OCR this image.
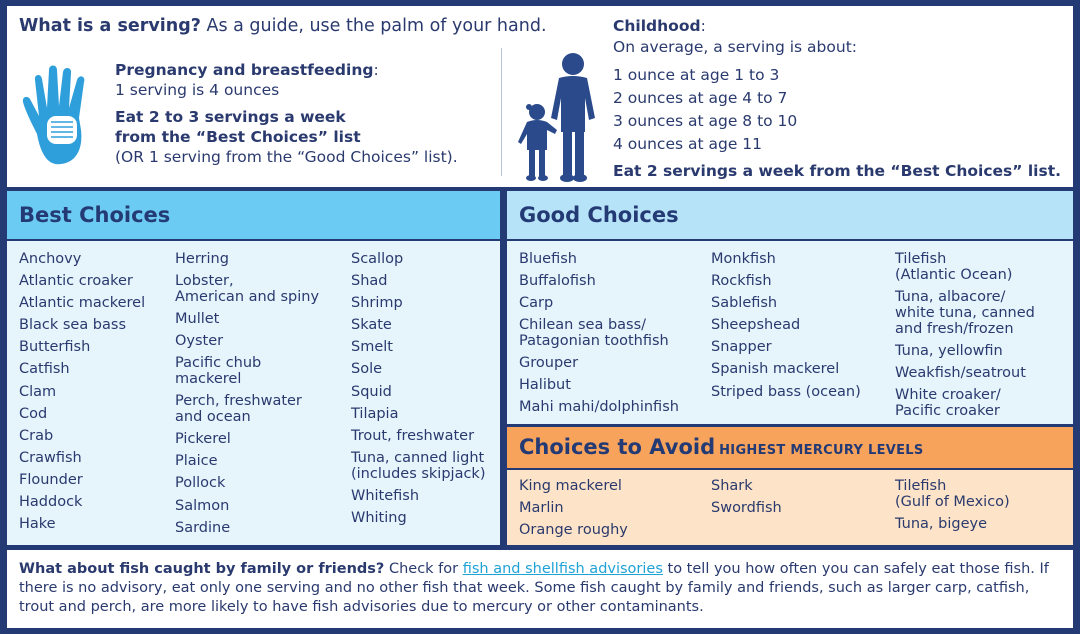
What is a serving? As a guide, use the palm of your hand.
Pregnancy and breastfeeding:
1 serving is 4 ounces
Eat 2 to 3 servings a week
from the “Best Choices” list
(OR 1 serving from the “Good Choices” list).
Childhood:
On average, a serving is about:
1 ounce at age 1 to 3
2 ounces at age 4 to 7
3 ounces at age 8 to 10
4 ounces at age 11
Eat 2 servings a week from the “Best Choices” list.
Best Choices
Anchovy
Atlantic croaker
Atlantic mackerel
Black sea bass
Butterfish
Catfish
Clam
Cod
Crab
Crawfish
Flounder
Haddock
Hake
Herring
Lobster,
American and spiny
Mullet
Oyster
Pacific chub
mackerel
Perch, freshwater
and ocean
Pickerel
Plaice
Pollock
Salmon
Sardine
Scallop
Shad
Shrimp
Skate
Smelt
Sole
Squid
Tilapia
Trout, freshwater
Tuna, canned light
(includes skipjack)
Whitefish
Whiting
Good Choices
Bluefish
Buffalofish
Carp
Chilean sea bass/
Patagonian toothfish
Grouper
Halibut
Mahi mahi/dolphinfish
Monkfish
Rockfish
Sablefish
Sheepshead
Snapper
Spanish mackerel
Striped bass (ocean)
Tilefish
(Atlantic Ocean)
Tuna, albacore/
white tuna, canned
and fresh/frozen
Tuna, yellowfin
Weakfish/seatrout
White croaker/
Pacific croaker
Choices to Avoid HIGHEST MERCURY LEVELS
King mackerel
Marlin
Orange roughy
Shark
Swordfish
Tilefish
(Gulf of Mexico)
Tuna, bigeye
What about fish caught by family or friends? Check for fish and shellfish advisories to tell you how often you can safely eat those fish. If there is no advisory, eat only one serving and no other fish that week. Some fish caught by family and friends, such as larger carp, catfish, trout and perch, are more likely to have fish advisories due to mercury or other contaminants.
